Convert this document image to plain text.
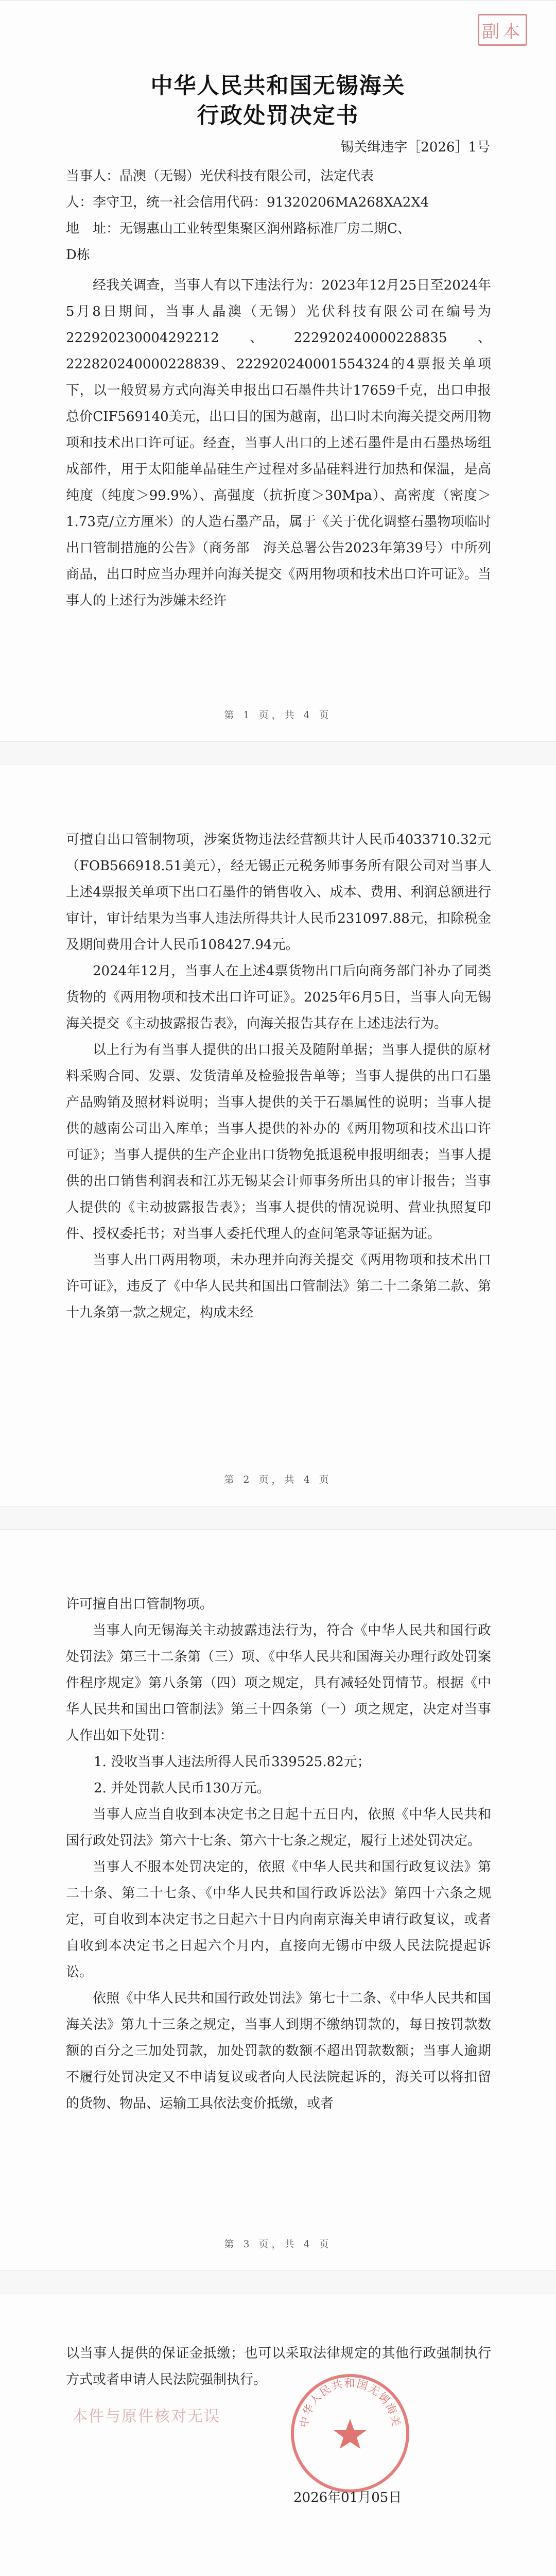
副本
中华人民共和国无锡海关
行政处罚决定书
锡关缉违字［2026］1号
当事人：晶澳（无锡）光伏科技有限公司，法定代表
人：李守卫，统一社会信用代码：91320206MA268XA2X4
地　址：无锡惠山工业转型集聚区润州路标准厂房二期C、
D栋

经我关调查，当事人有以下违法行为：2023年12月25日至2024年5月8日期间，当事人晶澳（无锡）光伏科技有限公司在编号为222920230004292212、222920240000228835、222820240000228839、222920240001554324的4票报关单项下，以一般贸易方式向海关申报出口石墨件共计17659千克，出口申报总价CIF569140美元，出口目的国为越南，出口时未向海关提交两用物项和技术出口许可证。经查，当事人出口的上述石墨件是由石墨热场组成部件，用于太阳能单晶硅生产过程对多晶硅料进行加热和保温，是高纯度（纯度＞99.9%）、高强度（抗折度＞30Mpa）、高密度（密度＞1.73克/立方厘米）的人造石墨产品，属于《关于优化调整石墨物项临时出口管制措施的公告》（商务部　海关总署公告2023年第39号）中所列商品，出口时应当办理并向海关提交《两用物项和技术出口许可证》。当事人的上述行为涉嫌未经许

第 1 页，共 4 页

可擅自出口管制物项，涉案货物违法经营额共计人民币4033710.32元（FOB566918.51美元），经无锡正元税务师事务所有限公司对当事人上述4票报关单项下出口石墨件的销售收入、成本、费用、利润总额进行审计，审计结果为当事人违法所得共计人民币231097.88元，扣除税金及期间费用合计人民币108427.94元。

2024年12月，当事人在上述4票货物出口后向商务部门补办了同类货物的《两用物项和技术出口许可证》。2025年6月5日，当事人向无锡海关提交《主动披露报告表》，向海关报告其存在上述违法行为。

以上行为有当事人提供的出口报关及随附单据；当事人提供的原材料采购合同、发票、发货清单及检验报告单等；当事人提供的出口石墨产品购销及照材料说明；当事人提供的关于石墨属性的说明；当事人提供的越南公司出入库单；当事人提供的补办的《两用物项和技术出口许可证》；当事人提供的生产企业出口货物免抵退税申报明细表；当事人提供的出口销售利润表和江苏无锡某会计师事务所出具的审计报告；当事人提供的《主动披露报告表》；当事人提供的情况说明、营业执照复印件、授权委托书；对当事人委托代理人的查问笔录等证据为证。

当事人出口两用物项，未办理并向海关提交《两用物项和技术出口许可证》，违反了《中华人民共和国出口管制法》第二十二条第二款、第十九条第一款之规定，构成未经

第 2 页，共 4 页

许可擅自出口管制物项。

当事人向无锡海关主动披露违法行为，符合《中华人民共和国行政处罚法》第三十二条第（三）项、《中华人民共和国海关办理行政处罚案件程序规定》第八条第（四）项之规定，具有减轻处罚情节。根据《中华人民共和国出口管制法》第三十四条第（一）项之规定，决定对当事人作出如下处罚：

1. 没收当事人违法所得人民币339525.82元；
2. 并处罚款人民币130万元。

当事人应当自收到本决定书之日起十五日内，依照《中华人民共和国行政处罚法》第六十七条、第六十七条之规定，履行上述处罚决定。

当事人不服本处罚决定的，依照《中华人民共和国行政复议法》第二十条、第二十七条、《中华人民共和国行政诉讼法》第四十六条之规定，可自收到本决定书之日起六十日内向南京海关申请行政复议，或者自收到本决定书之日起六个月内，直接向无锡市中级人民法院提起诉讼。

依照《中华人民共和国行政处罚法》第七十二条、《中华人民共和国海关法》第九十三条之规定，当事人到期不缴纳罚款的，每日按罚款数额的百分之三加处罚款，加处罚款的数额不超出罚款数额；当事人逾期不履行处罚决定又不申请复议或者向人民法院起诉的，海关可以将扣留的货物、物品、运输工具依法变价抵缴，或者

第 3 页，共 4 页

以当事人提供的保证金抵缴；也可以采取法律规定的其他行政强制执行方式或者申请人民法院强制执行。

本件与原件核对无误	中华人民共和国无锡海关
2026年01月05日
